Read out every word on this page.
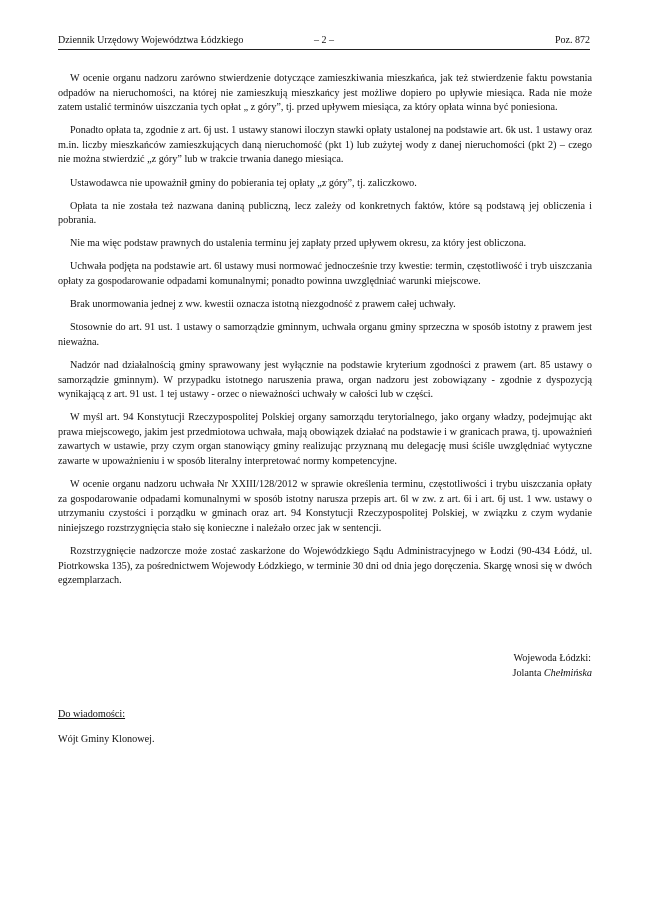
Dziennik Urzędowy Województwa Łódzkiego	– 2 –	Poz. 872

W ocenie organu nadzoru zarówno stwierdzenie dotyczące zamieszkiwania mieszkańca, jak też stwierdzenie faktu powstania odpadów na nieruchomości, na której nie zamieszkują mieszkańcy jest możliwe dopiero po upływie miesiąca. Rada nie może zatem ustalić terminów uiszczania tych opłat „ z góry”, tj. przed upływem miesiąca, za który opłata winna być poniesiona.

Ponadto opłata ta, zgodnie z art. 6j ust. 1 ustawy stanowi iloczyn stawki opłaty ustalonej na podstawie art. 6k ust. 1 ustawy oraz m.in. liczby mieszkańców zamieszkujących daną nieruchomość (pkt 1) lub zużytej wody z danej nieruchomości (pkt 2) – czego nie można stwierdzić „z góry” lub w trakcie trwania danego miesiąca.

Ustawodawca nie upoważnił gminy do pobierania tej opłaty „z góry”, tj. zaliczkowo.

Opłata ta nie została też nazwana daniną publiczną, lecz zależy od konkretnych faktów, które są podstawą jej obliczenia i pobrania.

Nie ma więc podstaw prawnych do ustalenia terminu jej zapłaty przed upływem okresu, za który jest obliczona.

Uchwała podjęta na podstawie art. 6l ustawy musi normować jednocześnie trzy kwestie: termin, częstotliwość i tryb uiszczania opłaty za gospodarowanie odpadami komunalnymi; ponadto powinna uwzględniać warunki miejscowe.

Brak unormowania jednej z ww. kwestii oznacza istotną niezgodność z prawem całej uchwały.

Stosownie do art. 91 ust. 1 ustawy o samorządzie gminnym, uchwała organu gminy sprzeczna w sposób istotny z prawem jest nieważna.

Nadzór nad działalnością gminy sprawowany jest wyłącznie na podstawie kryterium zgodności z prawem (art. 85 ustawy o samorządzie gminnym). W przypadku istotnego naruszenia prawa, organ nadzoru jest zobowiązany - zgodnie z dyspozycją wynikającą z art. 91 ust. 1 tej ustawy - orzec o nieważności uchwały w całości lub w części.

W myśl art. 94 Konstytucji Rzeczypospolitej Polskiej organy samorządu terytorialnego, jako organy władzy, podejmując akt prawa miejscowego, jakim jest przedmiotowa uchwała, mają obowiązek działać na podstawie i w granicach prawa, tj. upoważnień zawartych w ustawie, przy czym organ stanowiący gminy realizując przyznaną mu delegację musi ściśle uwzględniać wytyczne zawarte w upoważnieniu i w sposób literalny interpretować normy kompetencyjne.

W ocenie organu nadzoru uchwała Nr XXIII/128/2012 w sprawie określenia terminu, częstotliwości i trybu uiszczania opłaty za gospodarowanie odpadami komunalnymi w sposób istotny narusza przepis art. 6l w zw. z art. 6i i art. 6j ust. 1 ww. ustawy o utrzymaniu czystości i porządku w gminach oraz art. 94 Konstytucji Rzeczypospolitej Polskiej, w związku z czym wydanie niniejszego rozstrzygnięcia stało się konieczne i należało orzec jak w sentencji.

Rozstrzygnięcie nadzorcze może zostać zaskarżone do Wojewódzkiego Sądu Administracyjnego w Łodzi (90-434 Łódź, ul. Piotrkowska 135), za pośrednictwem Wojewody Łódzkiego, w terminie 30 dni od dnia jego doręczenia. Skargę wnosi się w dwóch egzemplarzach.

Wojewoda Łódzki:
Jolanta Chełmińska
Do wiadomości:
Wójt Gminy Klonowej.
